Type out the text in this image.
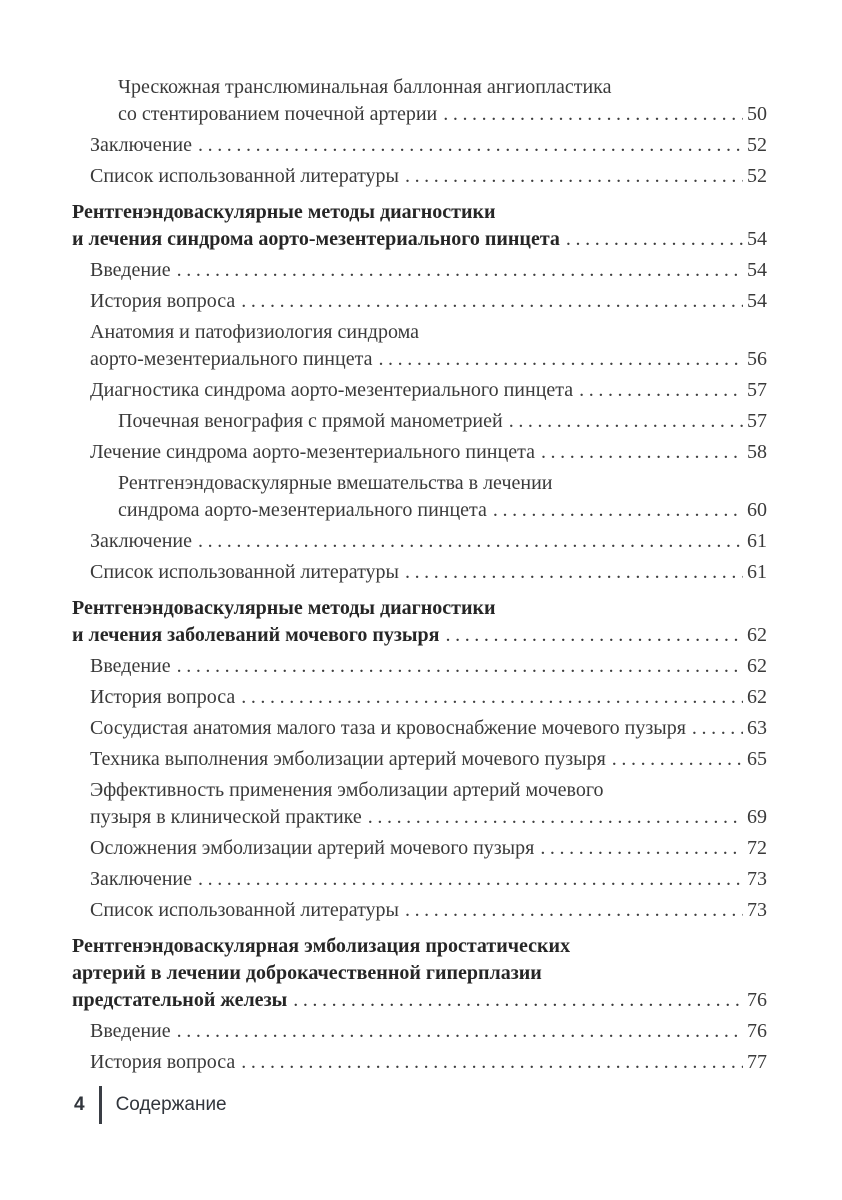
Чрескожная транслюминальная баллонная ангиопластика
со стентированием почечной артерии .....	50
Заключение .....	52
Список использованной литературы .....	52
Рентгенэндоваскулярные методы диагностики
и лечения синдрома аорто-мезентериального пинцета .....	54
Введение .....	54
История вопроса .....	54
Анатомия и патофизиология синдрома
аорто-мезентериального пинцета .....	56
Диагностика синдрома аорто-мезентериального пинцета .....	57
Почечная венография с прямой манометрией .....	57
Лечение синдрома аорто-мезентериального пинцета .....	58
Рентгенэндоваскулярные вмешательства в лечении
синдрома аорто-мезентериального пинцета .....	60
Заключение .....	61
Список использованной литературы .....	61
Рентгенэндоваскулярные методы диагностики
и лечения заболеваний мочевого пузыря .....	62
Введение .....	62
История вопроса .....	62
Сосудистая анатомия малого таза и кровоснабжение мочевого пузыря .....	63
Техника выполнения эмболизации артерий мочевого пузыря .....	65
Эффективность применения эмболизации артерий мочевого
пузыря в клинической практике .....	69
Осложнения эмболизации артерий мочевого пузыря .....	72
Заключение .....	73
Список использованной литературы .....	73
Рентгенэндоваскулярная эмболизация простатических
артерий в лечении доброкачественной гиперплазии
предстательной железы .....	76
Введение .....	76
История вопроса .....	77
4 Содержание
